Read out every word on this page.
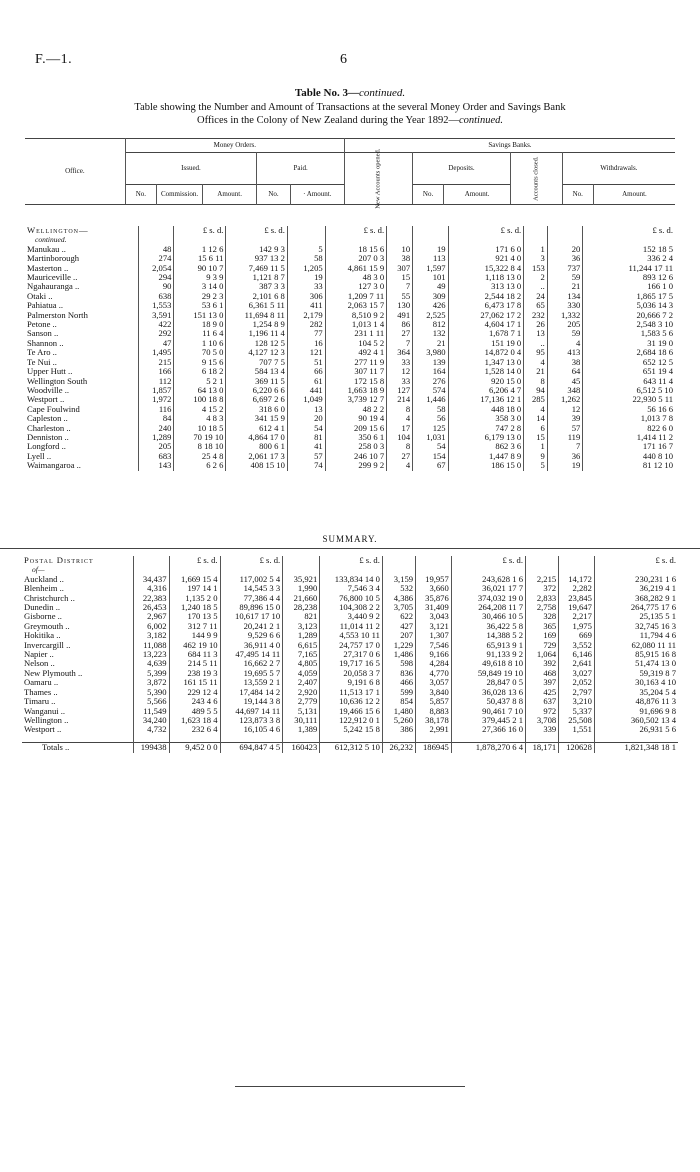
F.—1.	6
Table No. 3—continued.
Table showing the Number and Amount of Transactions at the several Money Order and Savings Bank
Offices in the Colony of New Zealand during the Year 1892—continued.
Office.	Money Orders.					Savings Banks.					
	Issued.			Paid.		New Accounts opened.	Deposits.		Accounts closed.	Withdrawals.	
	No.	Commission.	Amount.	No.	· Amount.		No.	Amount.		No.	Amount.
Wellington—		£ s. d.	£ s. d.		£ s. d.			£ s. d.			£ s. d.
continued.											
Manukau ..	48	1 12 6	142 9 3	5	18 15 6	10	19	171 6 0	1	20	152 18 5
Martinborough	274	15 6 11	937 13 2	58	207 0 3	38	113	921 4 0	3	36	336 2 4
Masterton ..	2,054	90 10 7	7,469 11 5	1,205	4,861 15 9	307	1,597	15,322 8 4	153	737	11,244 17 11
Mauriceville ..	294	9 3 9	1,121 8 7	19	48 3 0	15	101	1,118 13 0	2	59	893 12 6
Ngahauranga ..	90	3 14 0	387 3 3	33	127 3 0	7	49	313 13 0	..	21	166 1 0
Otaki ..	638	29 2 3	2,101 6 8	306	1,209 7 11	55	309	2,544 18 2	24	134	1,865 17 5
Pahiatua ..	1,553	53 6 1	6,361 5 11	411	2,063 15 7	130	426	6,473 17 8	65	330	5,036 14 3
Palmerston North	3,591	151 13 0	11,694 8 11	2,179	8,510 9 2	491	2,525	27,062 17 2	232	1,332	20,666 7 2
Petone ..	422	18 9 0	1,254 8 9	282	1,013 1 4	86	812	4,604 17 1	26	205	2,548 3 10
Sanson ..	292	11 6 4	1,196 11 4	77	231 1 11	27	132	1,678 7 1	13	59	1,583 5 6
Shannon ..	47	1 10 6	128 12 5	16	104 5 2	7	21	151 19 0	..	4	31 19 0
Te Aro ..	1,495	70 5 0	4,127 12 3	121	492 4 1	364	3,980	14,872 0 4	95	413	2,684 18 6
Te Nui ..	215	9 15 6	707 7 5	51	277 11 9	33	139	1,347 13 0	4	38	652 12 5
Upper Hutt ..	166	6 18 2	584 13 4	66	307 11 7	12	164	1,528 14 0	21	64	651 19 4
Wellington South	112	5 2 1	369 11 5	61	172 15 8	33	276	920 15 0	8	45	643 11 4
Woodville ..	1,857	64 13 0	6,220 6 6	441	1,663 18 9	127	574	6,206 4 7	94	348	6,512 5 10
Westport ..	1,972	100 18 8	6,697 2 6	1,049	3,739 12 7	214	1,446	17,136 12 1	285	1,262	22,930 5 11
Cape Foulwind	116	4 15 2	318 6 0	13	48 2 2	8	58	448 18 0	4	12	56 16 6
Capleston ..	84	4 8 3	341 15 9	20	90 19 4	4	56	358 3 0	14	39	1,013 7 8
Charleston ..	240	10 18 5	612 4 1	54	209 15 6	17	125	747 2 8	6	57	822 6 0
Denniston ..	1,289	70 19 10	4,864 17 0	81	350 6 1	104	1,031	6,179 13 0	15	119	1,414 11 2
Longford ..	205	8 18 10	800 6 1	41	258 0 3	8	54	862 3 6	1	7	171 16 7
Lyell ..	683	25 4 8	2,061 17 3	57	246 10 7	27	154	1,447 8 9	9	36	440 8 10
Waimangaroa ..	143	6 2 6	408 15 10	74	299 9 2	4	67	186 15 0	5	19	81 12 10
SUMMARY.
Postal District		£ s. d.	£ s. d.		£ s. d.			£ s. d.			£ s. d.
of—											
Auckland ..	34,437	1,669 15 4	117,002 5 4	35,921	133,834 14 0	3,159	19,957	243,628 1 6	2,215	14,172	230,231 1 6
Blenheim ..	4,316	197 14 1	14,545 3 3	1,990	7,546 3 4	532	3,660	36,021 17 7	372	2,282	36,219 4 1
Christchurch ..	22,383	1,135 2 0	77,386 4 4	21,660	76,800 10 5	4,386	35,876	374,032 19 0	2,833	23,845	368,282 9 1
Dunedin ..	26,453	1,240 18 5	89,896 15 0	28,238	104,308 2 2	3,705	31,409	264,208 11 7	2,758	19,647	264,775 17 6
Gisborne ..	2,967	170 13 5	10,617 17 10	821	3,440 9 2	622	3,043	30,466 10 5	328	2,217	25,135 5 1
Greymouth ..	6,002	312 7 11	20,241 2 1	3,123	11,014 11 2	427	3,121	36,422 5 8	365	1,975	32,745 16 3
Hokitika ..	3,182	144 9 9	9,529 6 6	1,289	4,553 10 11	207	1,307	14,388 5 2	169	669	11,794 4 6
Invercargill ..	11,088	462 19 10	36,911 4 0	6,615	24,757 17 0	1,229	7,546	65,913 9 1	729	3,552	62,080 11 11
Napier ..	13,223	684 11 3	47,495 14 11	7,165	27,317 0 6	1,486	9,166	91,133 9 2	1,064	6,146	85,915 16 8
Nelson ..	4,639	214 5 11	16,662 2 7	4,805	19,717 16 5	598	4,284	49,618 8 10	392	2,641	51,474 13 0
New Plymouth ..	5,399	238 19 3	19,695 5 7	4,059	20,058 3 7	836	4,770	59,849 19 10	468	3,027	59,319 8 7
Oamaru ..	3,872	161 15 11	13,559 2 1	2,407	9,191 6 8	466	3,057	28,847 0 5	397	2,052	30,163 4 10
Thames ..	5,390	229 12 4	17,484 14 2	2,920	11,513 17 1	599	3,840	36,028 13 6	425	2,797	35,204 5 4
Timaru ..	5,566	243 4 6	19,144 3 8	2,779	10,636 12 2	854	5,857	50,437 8 8	637	3,210	48,876 11 3
Wanganui ..	11,549	489 5 5	44,697 14 11	5,131	19,466 15 6	1,480	8,883	90,461 7 10	972	5,337	91,696 9 8
Wellington ..	34,240	1,623 18 4	123,873 3 8	30,111	122,912 0 1	5,260	38,178	379,445 2 1	3,708	25,508	360,502 13 4
Westport ..	4,732	232 6 4	16,105 4 6	1,389	5,242 15 8	386	2,991	27,366 16 0	339	1,551	26,931 5 6

Totals ..	199438	9,452 0 0	694,847 4 5	160423	612,312 5 10	26,232	186945	1,878,270 6 4	18,171	120628	1,821,348 18 1
